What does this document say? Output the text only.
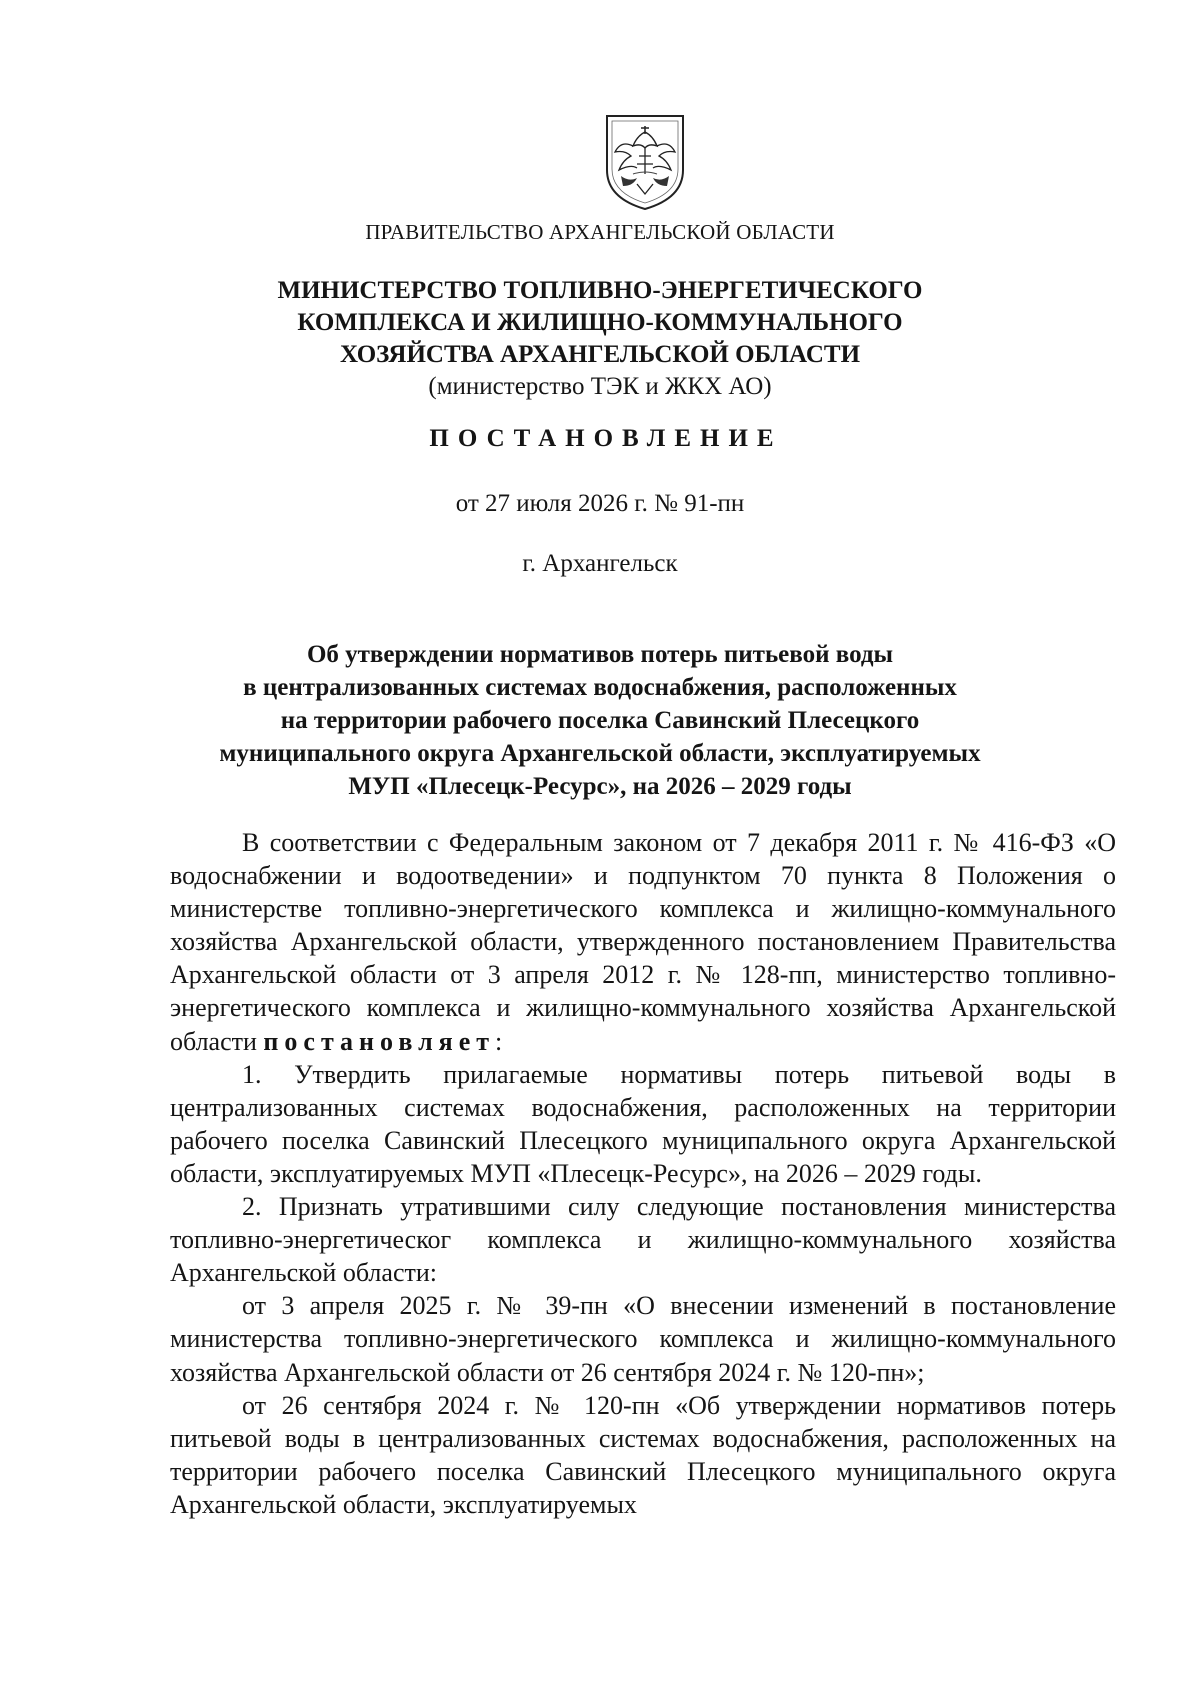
ПРАВИТЕЛЬСТВО АРХАНГЕЛЬСКОЙ ОБЛАСТИ

МИНИСТЕРСТВО ТОПЛИВНО-ЭНЕРГЕТИЧЕСКОГО
КОМПЛЕКСА И ЖИЛИЩНО-КОММУНАЛЬНОГО
ХОЗЯЙСТВА АРХАНГЕЛЬСКОЙ ОБЛАСТИ

(министерство ТЭК и ЖКХ АО)

ПОСТАНОВЛЕНИЕ

от 27 июля 2026 г. № 91-пн

г. Архангельск

Об утверждении нормативов потерь питьевой воды
в централизованных системах водоснабжения, расположенных
на территории рабочего поселка Савинский Плесецкого
муниципального округа Архангельской области, эксплуатируемых
МУП «Плесецк-Ресурс», на 2026 – 2029 годы

В соответствии с Федеральным законом от 7 декабря 2011 г. № 416-ФЗ «О водоснабжении и водоотведении» и подпунктом 70 пункта 8 Положения о министерстве топливно-энергетического комплекса и жилищно-коммунального хозяйства Архангельской области, утвержденного постановлением Правительства Архангельской области от 3 апреля 2012 г. № 128-пп, министерство топливно-энергетического комплекса и жилищно-коммунального хозяйства Архангельской области постановляет:

1. Утвердить прилагаемые нормативы потерь питьевой воды в централизованных системах водоснабжения, расположенных на территории рабочего поселка Савинский Плесецкого муниципального округа Архангельской области, эксплуатируемых МУП «Плесецк-Ресурс», на 2026 – 2029 годы.

2. Признать утратившими силу следующие постановления министерства топливно-энергетическог комплекса и жилищно-коммунального хозяйства Архангельской области:

от 3 апреля 2025 г. № 39-пн «О внесении изменений в постановление министерства топливно-энергетического комплекса и жилищно-коммунального хозяйства Архангельской области от 26 сентября 2024 г. № 120-пн»;

от 26 сентября 2024 г. № 120-пн «Об утверждении нормативов потерь питьевой воды в централизованных системах водоснабжения, расположенных на территории рабочего поселка Савинский Плесецкого муниципального округа Архангельской области, эксплуатируемых
